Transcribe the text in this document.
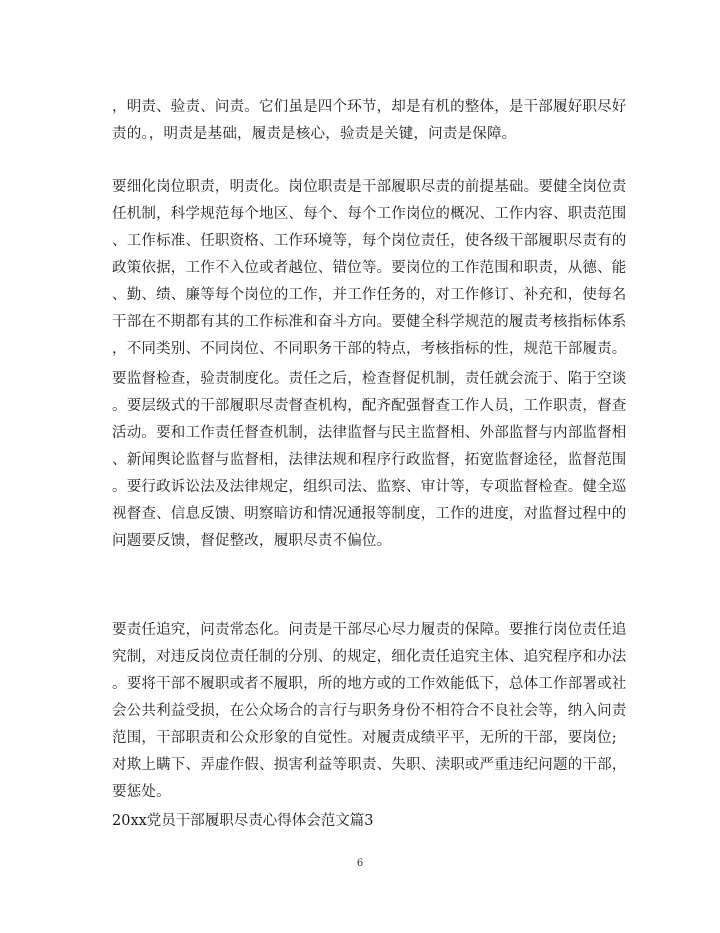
，明责、验责、问责。它们虽是四个环节，却是有机的整体，是干部履好职尽好
责的。，明责是基础，履责是核心，验责是关键，问责是保障。
要细化岗位职责，明责化。岗位职责是干部履职尽责的前提基础。要健全岗位责
任机制，科学规范每个地区、每个、每个工作岗位的概况、工作内容、职责范围
、工作标准、任职资格、工作环境等，每个岗位责任，使各级干部履职尽责有的
政策依据，工作不入位或者越位、错位等。要岗位的工作范围和职责，从德、能
、勤、绩、廉等每个岗位的工作，并工作任务的，对工作修订、补充和，使每名
干部在不期都有其的工作标准和奋斗方向。要健全科学规范的履责考核指标体系
，不同类别、不同岗位、不同职务干部的特点，考核指标的性，规范干部履责。
要监督检查，验责制度化。责任之后，检查督促机制，责任就会流于、陷于空谈
。要层级式的干部履职尽责督查机构，配齐配强督查工作人员，工作职责，督查
活动。要和工作责任督查机制，法律监督与民主监督相、外部监督与内部监督相
、新闻舆论监督与监督相，法律法规和程序行政监督，拓宽监督途径，监督范围
。要行政诉讼法及法律规定，组织司法、监察、审计等，专项监督检查。健全巡
视督查、信息反馈、明察暗访和情况通报等制度，工作的进度，对监督过程中的
问题要反馈，督促整改，履职尽责不偏位。
要责任追究，问责常态化。问责是干部尽心尽力履责的保障。要推行岗位责任追
究制，对违反岗位责任制的分別、的规定，细化责任追究主体、追究程序和办法
。要将干部不履职或者不履职，所的地方或的工作效能低下，总体工作部署或社
会公共利益受损，在公众场合的言行与职务身份不相符合不良社会等，纳入问责
范围，干部职责和公众形象的自觉性。对履责成绩平平，无所的干部，要岗位;
对欺上瞒下、弄虚作假、损害利益等职责、失职、渎职或严重违纪问题的干部，
要惩处。
20xx党员干部履职尽责心得体会范文篇3
6
